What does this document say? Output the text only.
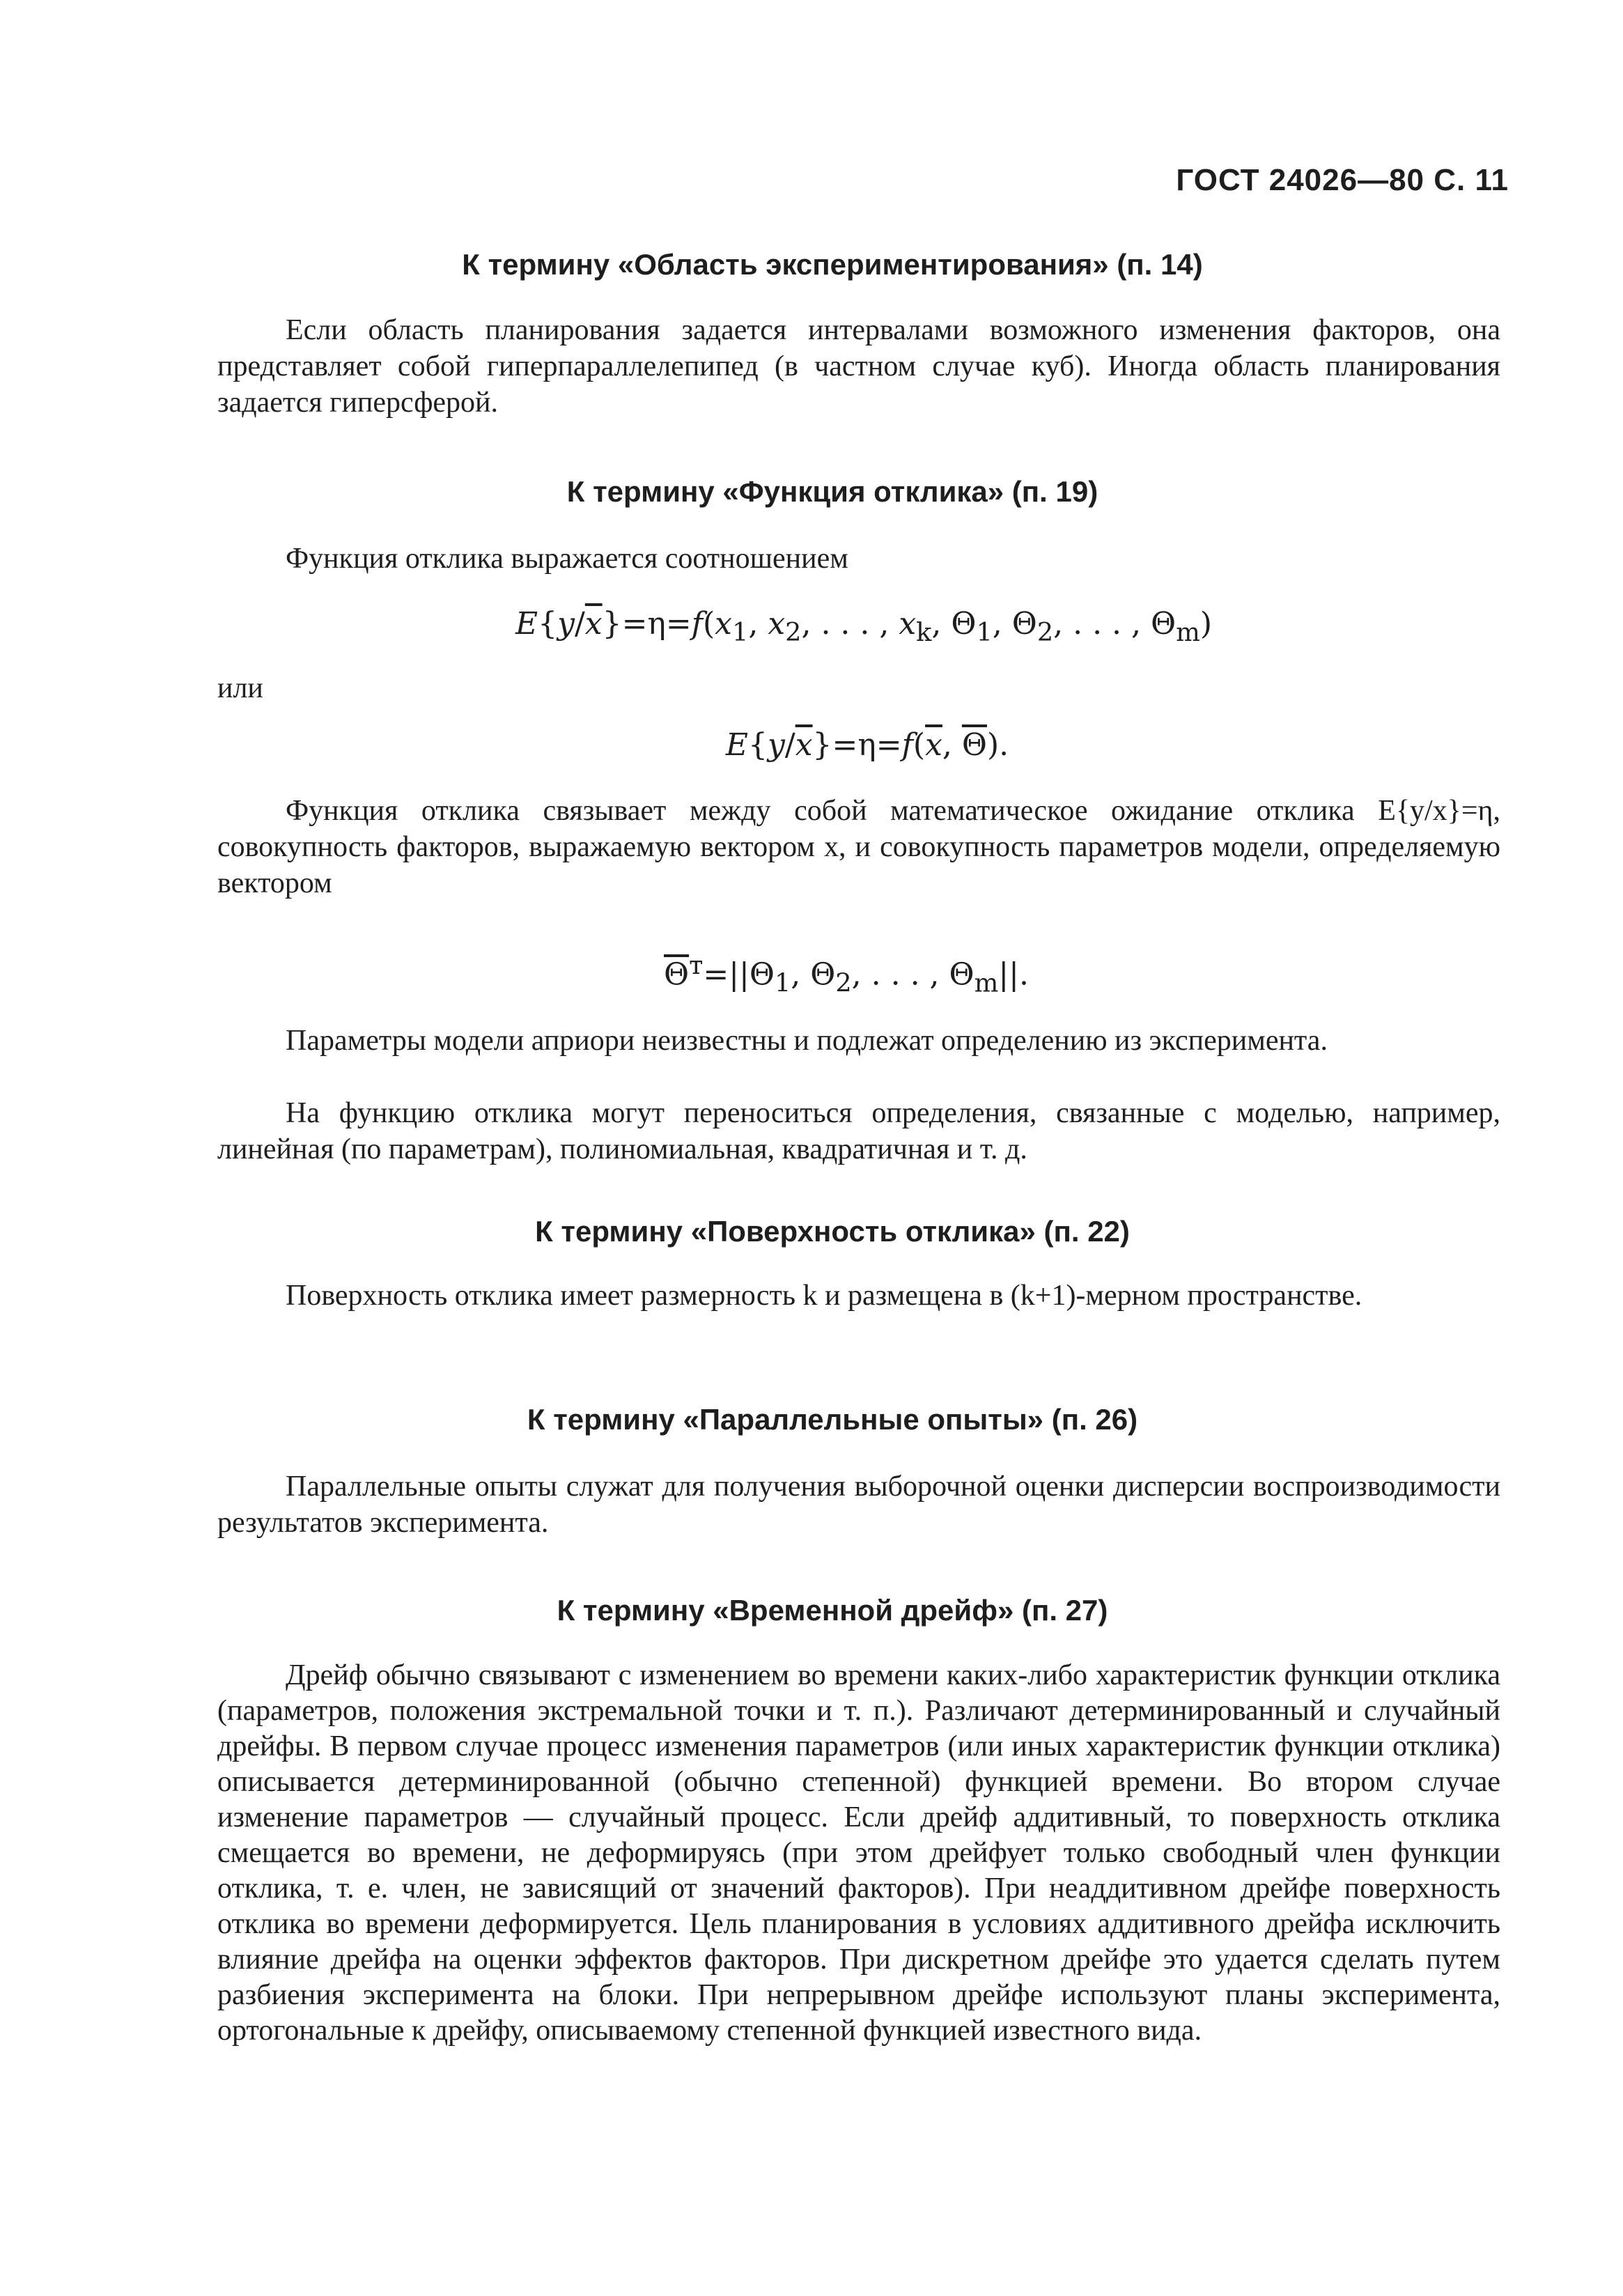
ГОСТ 24026—80 С. 11
К термину «Область экспериментирования» (п. 14)
Если область планирования задается интервалами возможного изменения факторов, она представляет собой гиперпараллелепипед (в частном случае куб). Иногда область планирования задается гиперсферой.
К термину «Функция отклика» (п. 19)
Функция отклика выражается соотношением
$E\{y/\overline{x}\}=\eta=f(x_1$, $x_2$, . . . , $x_k$, $\Theta_1$, $\Theta_2$, . . . , $\Theta_m$)
или
$E\{y/\overline{x}\}=\eta=f(\overline{x}$, $\overline{\Theta}$).
Функция отклика связывает между собой математическое ожидание отклика E{y/x}=η, совокупность факторов, выражаемую вектором x, и совокупность параметров модели, определяемую вектором
$\overline{\Theta}^т=||\Theta_1$, $\Theta_2$, . . . , $\Theta_m||$.
Параметры модели априори неизвестны и подлежат определению из эксперимента.
На функцию отклика могут переноситься определения, связанные с моделью, например, линейная (по параметрам), полиномиальная, квадратичная и т. д.
К термину «Поверхность отклика» (п. 22)
Поверхность отклика имеет размерность k и размещена в (k+1)-мерном пространстве.
К термину «Параллельные опыты» (п. 26)
Параллельные опыты служат для получения выборочной оценки дисперсии воспроизводимости результатов эксперимента.
К термину «Временной дрейф» (п. 27)
Дрейф обычно связывают с изменением во времени каких-либо характеристик функции отклика (параметров, положения экстремальной точки и т. п.). Различают детерминированный и случайный дрейфы. В первом случае процесс изменения параметров (или иных характеристик функции отклика) описывается детерминированной (обычно степенной) функцией времени. Во втором случае изменение параметров — случайный процесс. Если дрейф аддитивный, то поверхность отклика смещается во времени, не деформируясь (при этом дрейфует только свободный член функции отклика, т. е. член, не зависящий от значений факторов). При неаддитивном дрейфе поверхность отклика во времени деформируется. Цель планирования в условиях аддитивного дрейфа исключить влияние дрейфа на оценки эффектов факторов. При дискретном дрейфе это удается сделать путем разбиения эксперимента на блоки. При непрерывном дрейфе используют планы эксперимента, ортогональные к дрейфу, описываемому степенной функцией известного вида.
